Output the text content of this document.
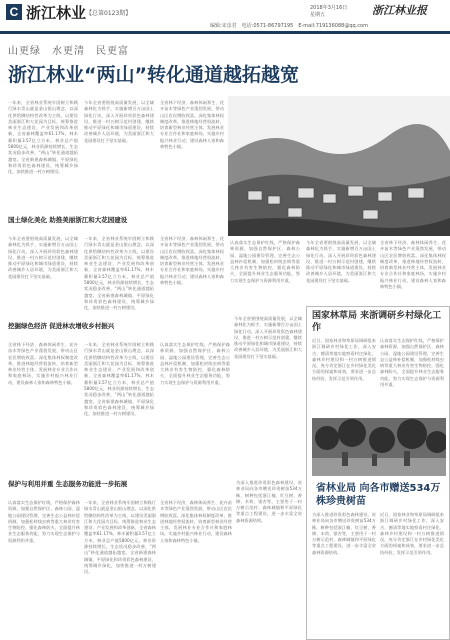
C 浙江林业 【总第0123期】
2018年3月16日
星期五	浙江林业报
编辑:宋彦君　电话:0571-86797195　E-mail:719136088@qq.com
山更绿　水更清　民更富
浙江林业“两山”转化通道越拓越宽
一年来，全省林业系统牢固树立和践行绿水青山就是金山银山理念，以深化供给侧结构性改革为主线，以建设美丽浙江和大花园为目标，统筹推进林业生态建设、产业发展和改革创新，全省森林覆盖率61.17%，林木蓄积量3.57亿立方米，林业总产值5800亿元，林业资源持续增长，生态状况稳步改善，“两山”转化通道越拓越宽。全省新建森林城镇、平原绿化和珍贵彩色森林建设，统筹城乡绿化，加快推进一村万树建设。
今年全省要围绕高质量发展，以全域森林化为抓手，实施新增百万亩国土绿化行动，深入开展珍贵彩色森林建设，推进一村万树示范村创建，继续推动平原绿化和城市绿道建设，持续改善城乡人居环境，为美丽浙江和大花园建设打下坚实基础。
全省林下经济、森林休闲养生、花卉苗木等绿色产业蓬勃发展，带动山区农民增收致富。深化集体林权制度改革，推进林地经营权流转，培育新型林业经营主体，发展林业专业合作社和家庭林场，实施乡村振兴林业行动，建设森林人家和森林特色小镇。
国土绿化美化 助推美丽浙江和大花园建设
今年全省要围绕高质量发展，以全域森林化为抓手，实施新增百万亩国土绿化行动，深入开展珍贵彩色森林建设，推进一村万树示范村创建，继续推动平原绿化和城市绿道建设，持续改善城乡人居环境，为美丽浙江和大花园建设打下坚实基础。
一年来，全省林业系统牢固树立和践行绿水青山就是金山银山理念，以深化供给侧结构性改革为主线，以建设美丽浙江和大花园为目标，统筹推进林业生态建设、产业发展和改革创新，全省森林覆盖率61.17%，林木蓄积量3.57亿立方米，林业总产值5800亿元，林业资源持续增长，生态状况稳步改善，“两山”转化通道越拓越宽。全省新建森林城镇、平原绿化和珍贵彩色森林建设，统筹城乡绿化，加快推进一村万树建设。
全省林下经济、森林休闲养生、花卉苗木等绿色产业蓬勃发展，带动山区农民增收致富。深化集体林权制度改革，推进林地经营权流转，培育新型林业经营主体，发展林业专业合作社和家庭林场，实施乡村振兴林业行动，建设森林人家和森林特色小镇。
认真落实生态保护红线，严格保护森林资源，加强自然保护区、森林公园、湿地公园建设管理，完善生态公益林补偿机制，加强松材线虫病等重大林业有害生物防控，强化森林防火，全面提升林业生态服务功能，努力实现生态保护与资源利用并重。
今年全省要围绕高质量发展，以全域森林化为抓手，实施新增百万亩国土绿化行动，深入开展珍贵彩色森林建设，推进一村万树示范村创建，继续推动平原绿化和城市绿道建设，持续改善城乡人居环境，为美丽浙江和大花园建设打下坚实基础。
全省林下经济、森林休闲养生、花卉苗木等绿色产业蓬勃发展，带动山区农民增收致富。深化集体林权制度改革，推进林地经营权流转，培育新型林业经营主体，发展林业专业合作社和家庭林场，实施乡村振兴林业行动，建设森林人家和森林特色小镇。
挖掘绿色经济 促进林农增收乡村振兴
全省林下经济、森林休闲养生、花卉苗木等绿色产业蓬勃发展，带动山区农民增收致富。深化集体林权制度改革，推进林地经营权流转，培育新型林业经营主体，发展林业专业合作社和家庭林场，实施乡村振兴林业行动，建设森林人家和森林特色小镇。
一年来，全省林业系统牢固树立和践行绿水青山就是金山银山理念，以深化供给侧结构性改革为主线，以建设美丽浙江和大花园为目标，统筹推进林业生态建设、产业发展和改革创新，全省森林覆盖率61.17%，林木蓄积量3.57亿立方米，林业总产值5800亿元，林业资源持续增长，生态状况稳步改善，“两山”转化通道越拓越宽。全省新建森林城镇、平原绿化和珍贵彩色森林建设，统筹城乡绿化，加快推进一村万树建设。
认真落实生态保护红线，严格保护森林资源，加强自然保护区、森林公园、湿地公园建设管理，完善生态公益林补偿机制，加强松材线虫病等重大林业有害生物防控，强化森林防火，全面提升林业生态服务功能，努力实现生态保护与资源利用并重。
今年全省要围绕高质量发展，以全域森林化为抓手，实施新增百万亩国土绿化行动，深入开展珍贵彩色森林建设，推进一村万树示范村创建，继续推动平原绿化和城市绿道建设，持续改善城乡人居环境，为美丽浙江和大花园建设打下坚实基础。
国家林草局 来浙调研乡村绿化工作
近日，国家林业和草原局调研组来浙江调研乡村绿化工作，深入安吉、德清等地实地察看村庄绿化、森林乡村建设和一村万树推进情况，充分肯定浙江在乡村绿化美化方面的探索和成效，要求进一步总结经验，发挥示范引领作用。
认真落实生态保护红线，严格保护森林资源，加强自然保护区、森林公园、湿地公园建设管理，完善生态公益林补偿机制，加强松材线虫病等重大林业有害生物防控，强化森林防火，全面提升林业生态服务功能，努力实现生态保护与资源利用并重。
省林业局 向各市赠送534万株珍贵树苗
为深入推进珍贵彩色森林建设，省林业局向各市赠送珍贵树苗534万株，树种包括浙江楠、红豆树、香樟、木荷、银杏等，主要用于一村万树示范村、森林城镇和平原绿化等重点工程建设，进一步丰富全省森林资源结构。
近日，国家林业和草原局调研组来浙江调研乡村绿化工作，深入安吉、德清等地实地察看村庄绿化、森林乡村建设和一村万树推进情况，充分肯定浙江在乡村绿化美化方面的探索和成效，要求进一步总结经验，发挥示范引领作用。
保护与利用并重 生态服务功能进一步拓展
认真落实生态保护红线，严格保护森林资源，加强自然保护区、森林公园、湿地公园建设管理，完善生态公益林补偿机制，加强松材线虫病等重大林业有害生物防控，强化森林防火，全面提升林业生态服务功能，努力实现生态保护与资源利用并重。
一年来，全省林业系统牢固树立和践行绿水青山就是金山银山理念，以深化供给侧结构性改革为主线，以建设美丽浙江和大花园为目标，统筹推进林业生态建设、产业发展和改革创新，全省森林覆盖率61.17%，林木蓄积量3.57亿立方米，林业总产值5800亿元，林业资源持续增长，生态状况稳步改善，“两山”转化通道越拓越宽。全省新建森林城镇、平原绿化和珍贵彩色森林建设，统筹城乡绿化，加快推进一村万树建设。
全省林下经济、森林休闲养生、花卉苗木等绿色产业蓬勃发展，带动山区农民增收致富。深化集体林权制度改革，推进林地经营权流转，培育新型林业经营主体，发展林业专业合作社和家庭林场，实施乡村振兴林业行动，建设森林人家和森林特色小镇。
为深入推进珍贵彩色森林建设，省林业局向各市赠送珍贵树苗534万株，树种包括浙江楠、红豆树、香樟、木荷、银杏等，主要用于一村万树示范村、森林城镇和平原绿化等重点工程建设，进一步丰富全省森林资源结构。
